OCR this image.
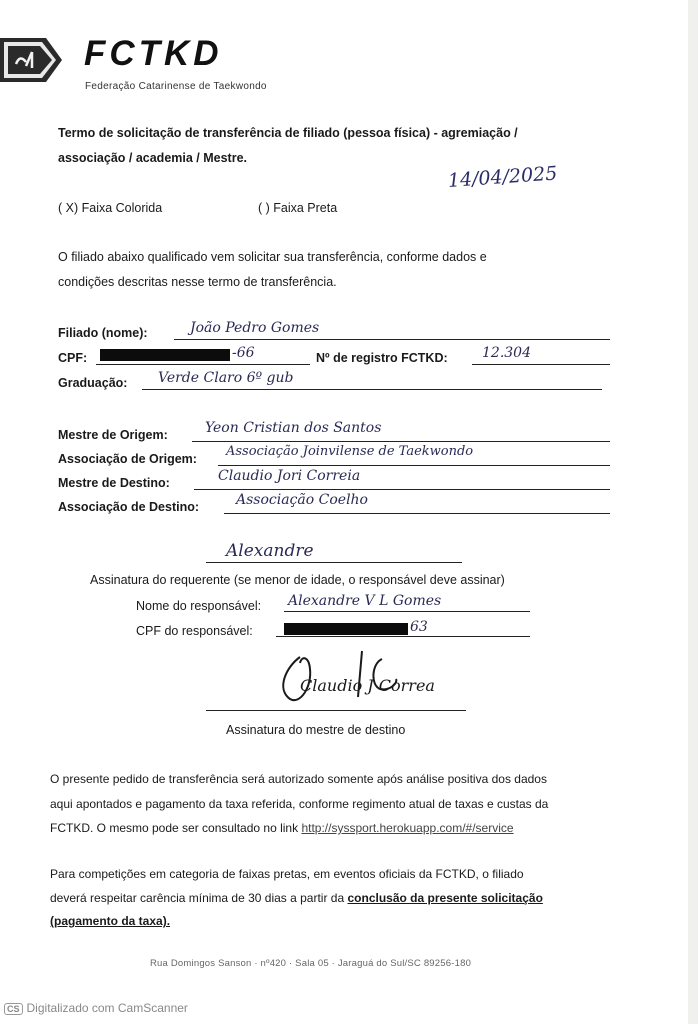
FCTKD
Federação Catarinense de Taekwondo
Termo de solicitação de transferência de filiado (pessoa física) - agremiação /
associação / academia / Mestre.
14/04/2025
( X) Faixa Colorida	( ) Faixa Preta
O filiado abaixo qualificado vem solicitar sua transferência, conforme dados e
condições descritas nesse termo de transferência.
Filiado (nome):	João Pedro Gomes
CPF:	-66	Nº de registro FCTKD: 12.304
Graduação: Verde Claro 6º gub
Mestre de Origem:	Yeon Cristian dos Santos
Associação de Origem: Associação Joinvilense de Taekwondo
Mestre de Destino:	Claudio Jori Correia
Associação de Destino:	Associação Coelho
Alexandre
Assinatura do requerente (se menor de idade, o responsável deve assinar)
Nome do responsável: Alexandre V L Gomes
CPF do responsável:	63
Claudio J Correa
Assinatura do mestre de destino
O presente pedido de transferência será autorizado somente após análise positiva dos dados
aqui apontados e pagamento da taxa referida, conforme regimento atual de taxas e custas da
FCTKD. O mesmo pode ser consultado no link http://syssport.herokuapp.com/#/service
Para competições em categoria de faixas pretas, em eventos oficiais da FCTKD, o filiado
deverá respeitar carência mínima de 30 dias a partir da conclusão da presente solicitação
(pagamento da taxa).
Rua Domingos Sanson · nº420 · Sala 05 · Jaraguá do Sul/SC 89256-180
CS Digitalizado com CamScanner
